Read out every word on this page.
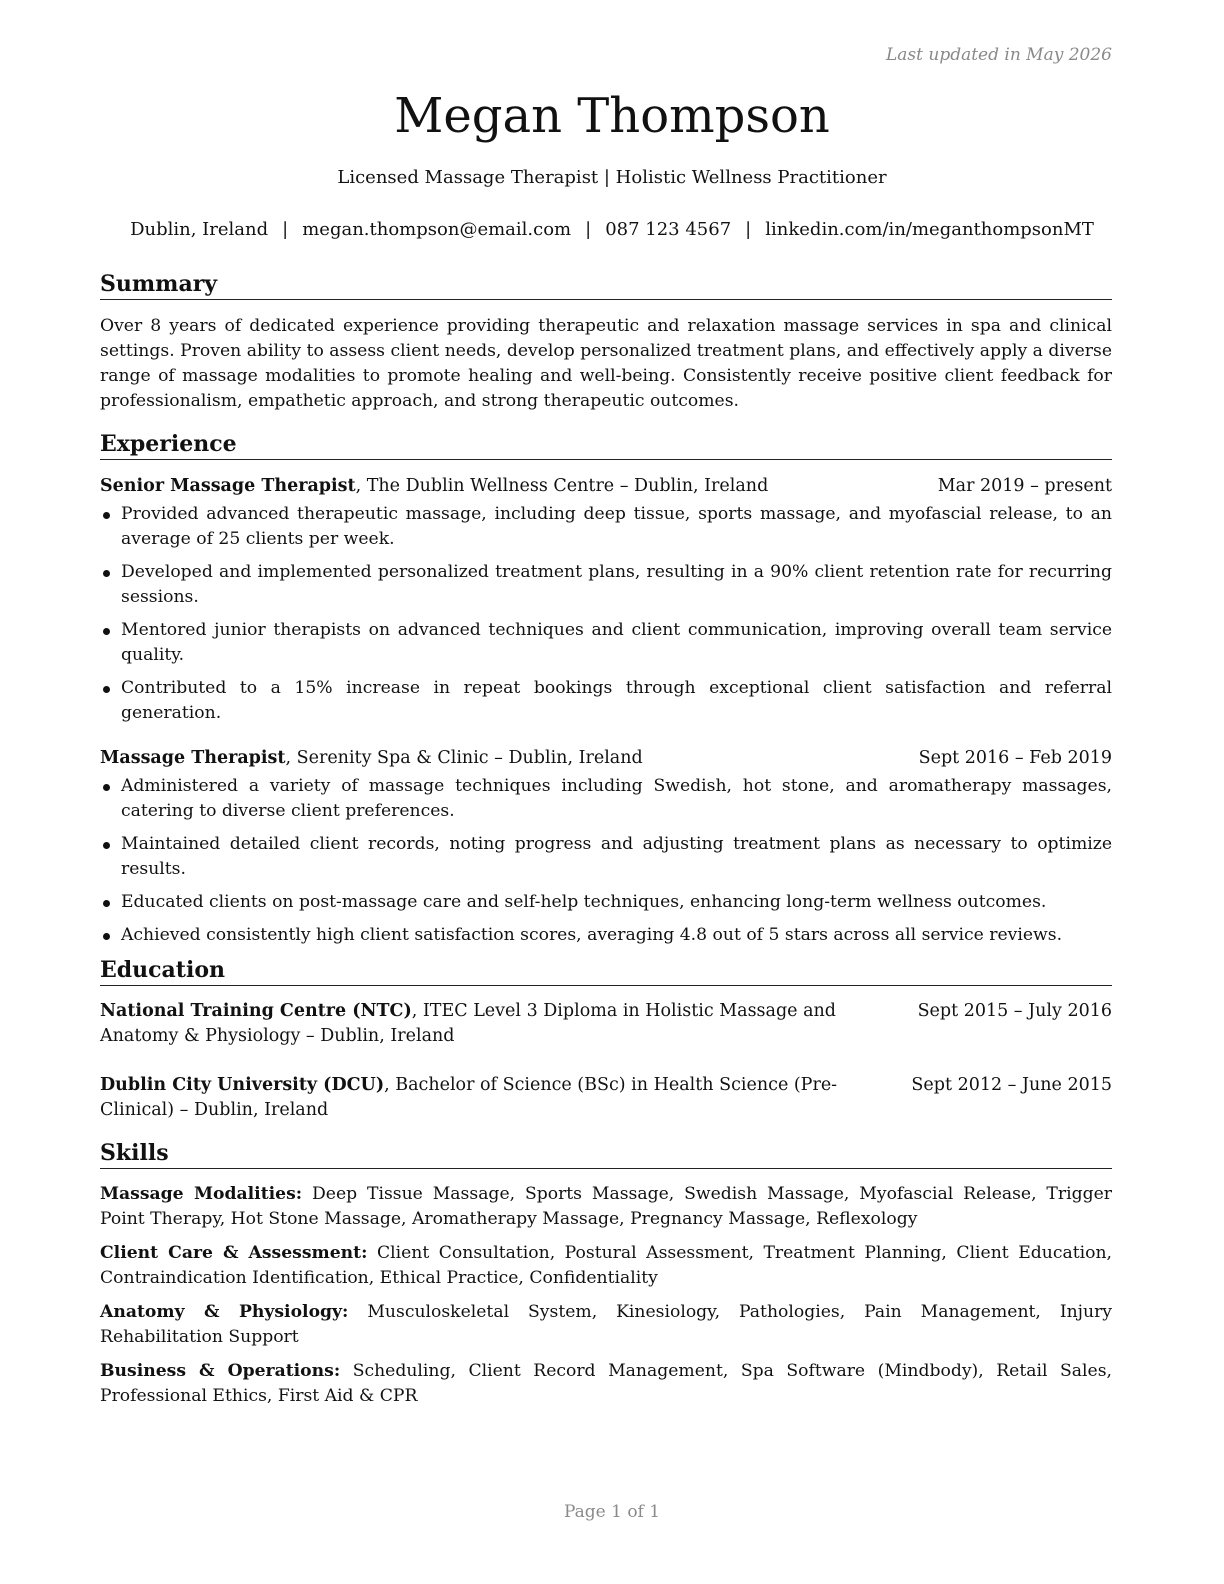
Last updated in May 2026
Megan Thompson
Licensed Massage Therapist | Holistic Wellness Practitioner
Dublin, Ireland | megan.thompson@email.com | 087 123 4567 | linkedin.com/in/meganthompsonMT
Summary

Over 8 years of dedicated experience providing therapeutic and relaxation massage services in spa and clinical settings. Proven ability to assess client needs, develop personalized treatment plans, and effectively apply a diverse range of massage modalities to promote healing and well-being. Consistently receive positive client feedback for professionalism, empathetic approach, and strong therapeutic outcomes.

Experience
Senior Massage Therapist, The Dublin Wellness Centre – Dublin, Ireland	Mar 2019 – present
Provided advanced therapeutic massage, including deep tissue, sports massage, and myofascial release, to an average of 25 clients per week.
Developed and implemented personalized treatment plans, resulting in a 90% client retention rate for recurring sessions.
Mentored junior therapists on advanced techniques and client communication, improving overall team service quality.
Contributed to a 15% increase in repeat bookings through exceptional client satisfaction and referral generation.
Massage Therapist, Serenity Spa & Clinic – Dublin, Ireland	Sept 2016 – Feb 2019
Administered a variety of massage techniques including Swedish, hot stone, and aromatherapy massages, catering to diverse client preferences.
Maintained detailed client records, noting progress and adjusting treatment plans as necessary to optimize results.
Educated clients on post-massage care and self-help techniques, enhancing long-term wellness outcomes.
Achieved consistently high client satisfaction scores, averaging 4.8 out of 5 stars across all service reviews.
Education
National Training Centre (NTC), ITEC Level 3 Diploma in Holistic Massage and Anatomy & Physiology – Dublin, Ireland
Sept 2015 – July 2016
Dublin City University (DCU), Bachelor of Science (BSc) in Health Science (Pre-Clinical) – Dublin, Ireland
Sept 2012 – June 2015
Skills

Massage Modalities: Deep Tissue Massage, Sports Massage, Swedish Massage, Myofascial Release, Trigger Point Therapy, Hot Stone Massage, Aromatherapy Massage, Pregnancy Massage, Reflexology

Client Care & Assessment: Client Consultation, Postural Assessment, Treatment Planning, Client Education, Contraindication Identification, Ethical Practice, Confidentiality

Anatomy & Physiology: Musculoskeletal System, Kinesiology, Pathologies, Pain Management, Injury Rehabilitation Support

Business & Operations: Scheduling, Client Record Management, Spa Software (Mindbody), Retail Sales, Professional Ethics, First Aid & CPR

Page 1 of 1
